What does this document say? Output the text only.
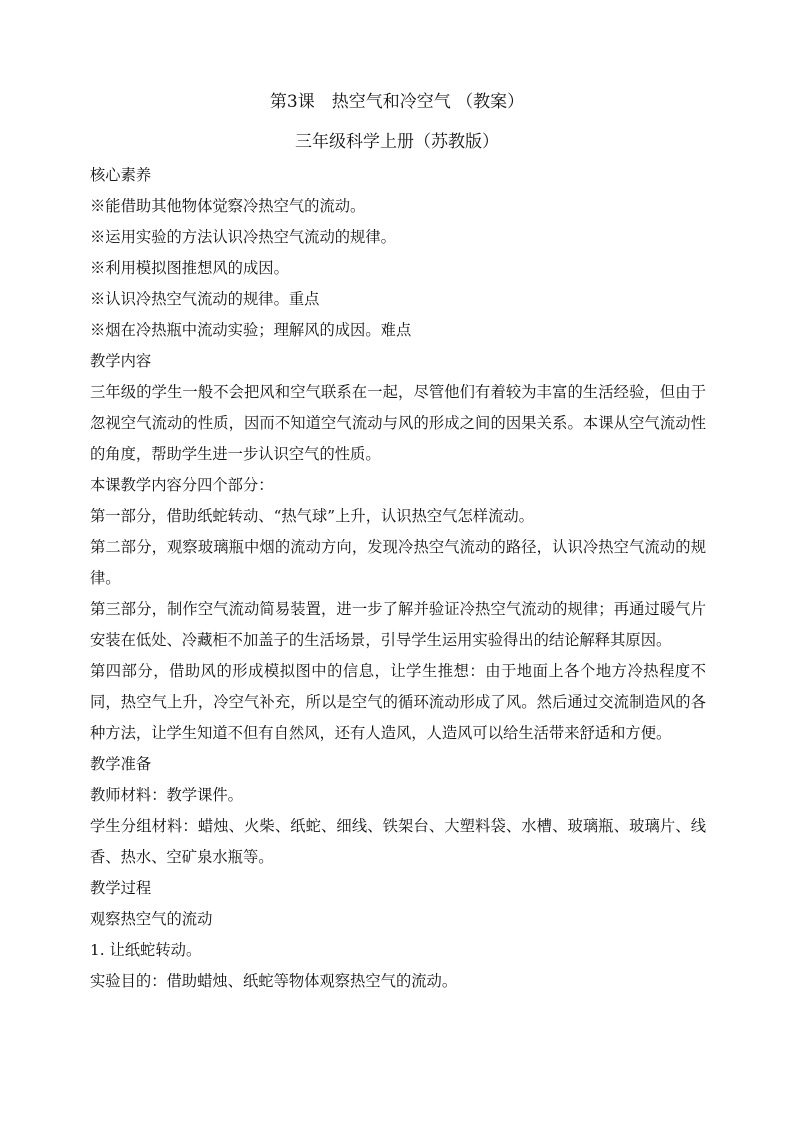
第3课　热空气和冷空气 （教案）
三年级科学上册（苏教版）

核心素养

※能借助其他物体觉察冷热空气的流动。

※运用实验的方法认识冷热空气流动的规律。

※利用模拟图推想风的成因。

※认识冷热空气流动的规律。重点

※烟在冷热瓶中流动实验；理解风的成因。难点

教学内容

三年级的学生一般不会把风和空气联系在一起，尽管他们有着较为丰富的生活经验，但由于忽视空气流动的性质，因而不知道空气流动与风的形成之间的因果关系。本课从空气流动性的角度，帮助学生进一步认识空气的性质。

本课教学内容分四个部分：

第一部分，借助纸蛇转动、“热气球”上升，认识热空气怎样流动。

第二部分，观察玻璃瓶中烟的流动方向，发现冷热空气流动的路径，认识冷热空气流动的规律。

第三部分，制作空气流动简易装置，进一步了解并验证冷热空气流动的规律；再通过暖气片安装在低处、冷藏柜不加盖子的生活场景，引导学生运用实验得出的结论解释其原因。

第四部分，借助风的形成模拟图中的信息，让学生推想：由于地面上各个地方冷热程度不同，热空气上升，冷空气补充，所以是空气的循环流动形成了风。然后通过交流制造风的各种方法，让学生知道不但有自然风，还有人造风，人造风可以给生活带来舒适和方便。

教学准备

教师材料：教学课件。

学生分组材料：蜡烛、火柴、纸蛇、细线、铁架台、大塑料袋、水槽、玻璃瓶、玻璃片、线香、热水、空矿泉水瓶等。

教学过程

观察热空气的流动

1. 让纸蛇转动。

实验目的：借助蜡烛、纸蛇等物体观察热空气的流动。
